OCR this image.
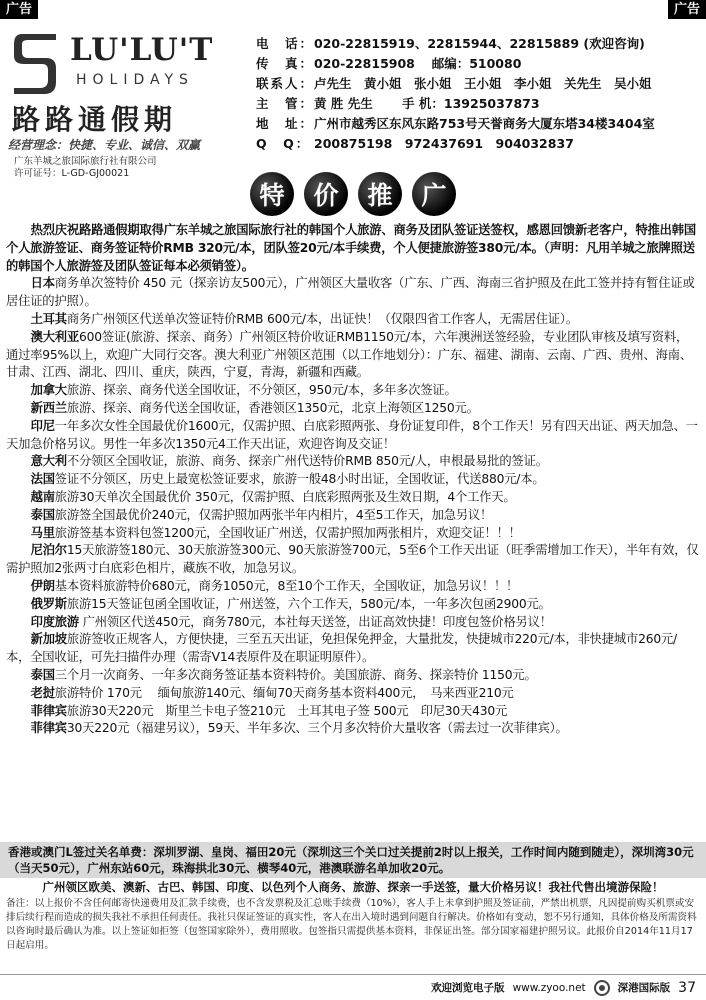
广告	广告
LU'LU'T
HOLIDAYS
路路通假期
经营理念：快捷、专业、诚信、双赢
广东羊城之旅国际旅行社有限公司
许可证号：L-GD-GJ00021
电　话： 020-22815919、22815944、22815889 (欢迎咨询)
传　真： 020-22815908　 邮编：510080
联系人： 卢先生　黄小姐　张小姐　王小姐　李小姐　关先生　吴小姐
主　管： 黄 胜 先生　　 手 机：13925037873
地　址： 广州市越秀区东风东路753号天誉商务大厦东塔34楼3404室
Q　Q： 200875198　972437691　904032837
特	价	推	广

热烈庆祝路路通假期取得广东羊城之旅国际旅行社的韩国个人旅游、商务及团队签证送签权，感恩回馈新老客户，特推出韩国个人旅游签证、商务签证特价RMB 320元/本，团队签20元/本手续费，个人便捷旅游签380元/本。（声明：凡用羊城之旅牌照送的韩国个人旅游签及团队签证每本必须销签）。

日本商务单次签特价 450 元（探亲访友500元），广州领区大量收客（广东、广西、海南三省护照及在此工签并持有暂住证或居住证的护照）。

土耳其商务广州领区代送单次签证特价RMB 600元/本，出证快！（仅限四省工作客人，无需居住证）。

澳大利亚600签证(旅游、探亲、商务）广州领区特价收证RMB1150元/本，六年澳洲送签经验，专业团队审核及填写资料，通过率95%以上，欢迎广大同行交客。澳大利亚广州领区范围（以工作地划分）：广东、福建、湖南、云南、广西、贵州、海南、甘肃、江西、湖北、四川、重庆，陕西，宁夏，青海，新疆和西藏。

加拿大旅游、探亲、商务代送全国收证，不分领区，950元/本，多年多次签证。

新西兰旅游、探亲、商务代送全国收证，香港领区1350元，北京上海领区1250元。

印尼一年多次女性全国最优价1600元，仅需护照、白底彩照两张、身份证复印件，8个工作天！另有四天出证、两天加急、一天加急价格另议。男性一年多次1350元4工作天出证，欢迎咨询及交证！

意大利不分领区全国收证，旅游、商务、探亲广州代送特价RMB 850元/人，申根最易批的签证。

法国签证不分领区，历史上最宽松签证要求，旅游一般48小时出证，全国收证，代送880元/本。

越南旅游30天单次全国最优价 350元，仅需护照、白底彩照两张及生效日期，4个工作天。

泰国旅游签全国最优价240元，仅需护照加两张半年内相片，4至5工作天，加急另议！

马里旅游签基本资料包签1200元，全国收证广州送，仅需护照加两张相片，欢迎交证！！！

尼泊尔15天旅游签180元、30天旅游签300元、90天旅游签700元，5至6个工作天出证（旺季需增加工作天），半年有效，仅需护照加2张两寸白底彩色相片，藏族不收，加急另议。

伊朗基本资料旅游特价680元，商务1050元，8至10个工作天，全国收证，加急另议！！！

俄罗斯旅游15天签证包函全国收证，广州送签，六个工作天，580元/本，一年多次包函2900元。

印度旅游 广州领区代送450元，商务780元，本社每天送签，出证高效快捷！印度包签价格另议！

新加坡旅游签收正规客人，方便快捷，三至五天出证，免担保免押金，大量批发，快捷城市220元/本，非快捷城市260元/本，全国收证，可先扫描件办理（需寄V14表原件及在职证明原件）。

泰国三个月一次商务、一年多次商务签证基本资料特价。美国旅游、商务、探亲特价 1150元。

老挝旅游特价 170元　 缅甸旅游140元、缅甸70天商务基本资料400元，　马来西亚210元

菲律宾旅游30天220元　斯里兰卡电子签210元　土耳其电子签 500元　印尼30天430元

菲律宾30天220元（福建另议），59天、半年多次、三个月多次特价大量收客（需去过一次菲律宾）。

香港或澳门L签过关名单费：深圳罗湖、皇岗、福田20元（深圳这三个关口过关提前2时以上报关，工作时间内随到随走），深圳湾30元（当天50元），广州东站60元，珠海拱北30元、横琴40元，港澳联游名单加收20元。
广州领区欧美、澳新、古巴、韩国、印度、以色列个人商务、旅游、探亲一手送签，量大价格另议！我社代售出境游保险！
备注：以上报价不含任何邮寄快递费用及汇款手续费，也不含发票税及汇总账手续费（10%），客人手上未拿到护照及签证前，严禁出机票，凡因提前购买机票或安排后续行程而造成的损失我社不承担任何责任。我社只保证签证的真实性，客人在出入境时遇到问题自行解决。价格如有变动，恕不另行通知，具体价格及所需资料以咨询时最后确认为准。以上签证如拒签（包签国家除外），费用照收。包签指只需提供基本资料，非保证出签。部分国家福建护照另议。此报价自2014年11月17日起启用。
欢迎浏览电子版 www.zyoo.net	深港国际版 37
